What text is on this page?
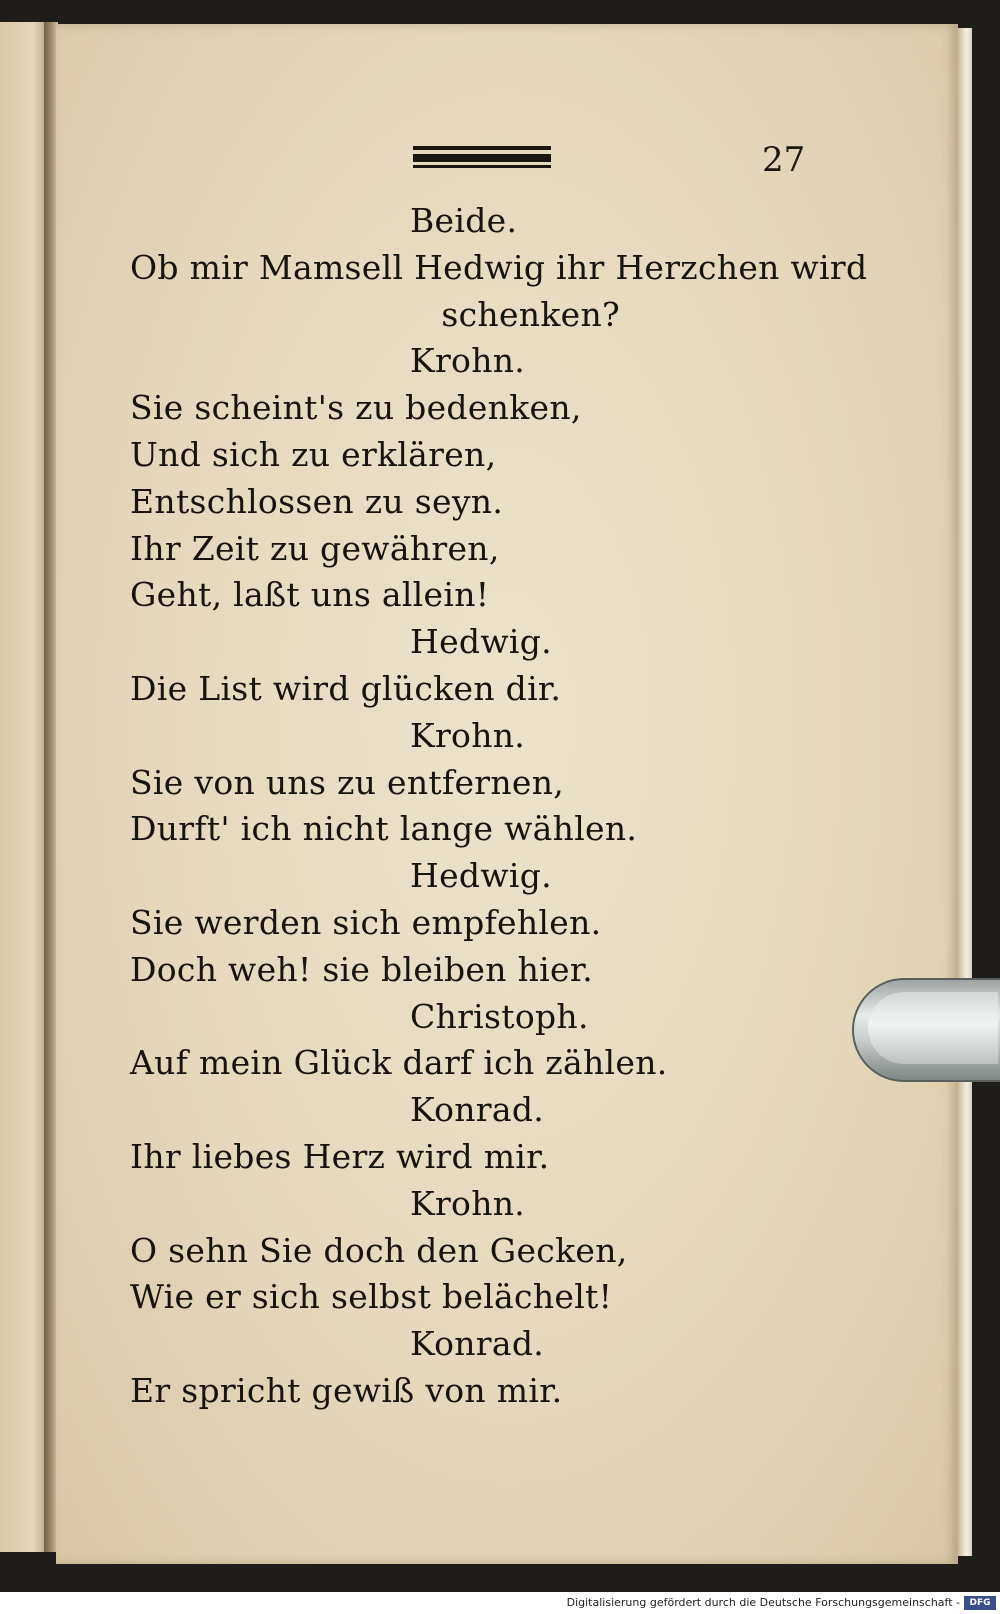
27
Beide.
Ob mir Mamsell Hedwig ihr Herzchen wird
schenken?
Krohn.
Sie scheint's zu bedenken,
Und sich zu erklären,
Entschlossen zu seyn.
Ihr Zeit zu gewähren,
Geht, laßt uns allein!
Hedwig.
Die List wird glücken dir.
Krohn.
Sie von uns zu entfernen,
Durft' ich nicht lange wählen.
Hedwig.
Sie werden sich empfehlen.
Doch weh! sie bleiben hier.
Christoph.
Auf mein Glück darf ich zählen.
Konrad.
Ihr liebes Herz wird mir.
Krohn.
O sehn Sie doch den Gecken,
Wie er sich selbst belächelt!
Konrad.
Er spricht gewiß von mir.
Digitalisierung gefördert durch die Deutsche Forschungsgemeinschaft -	DFG
